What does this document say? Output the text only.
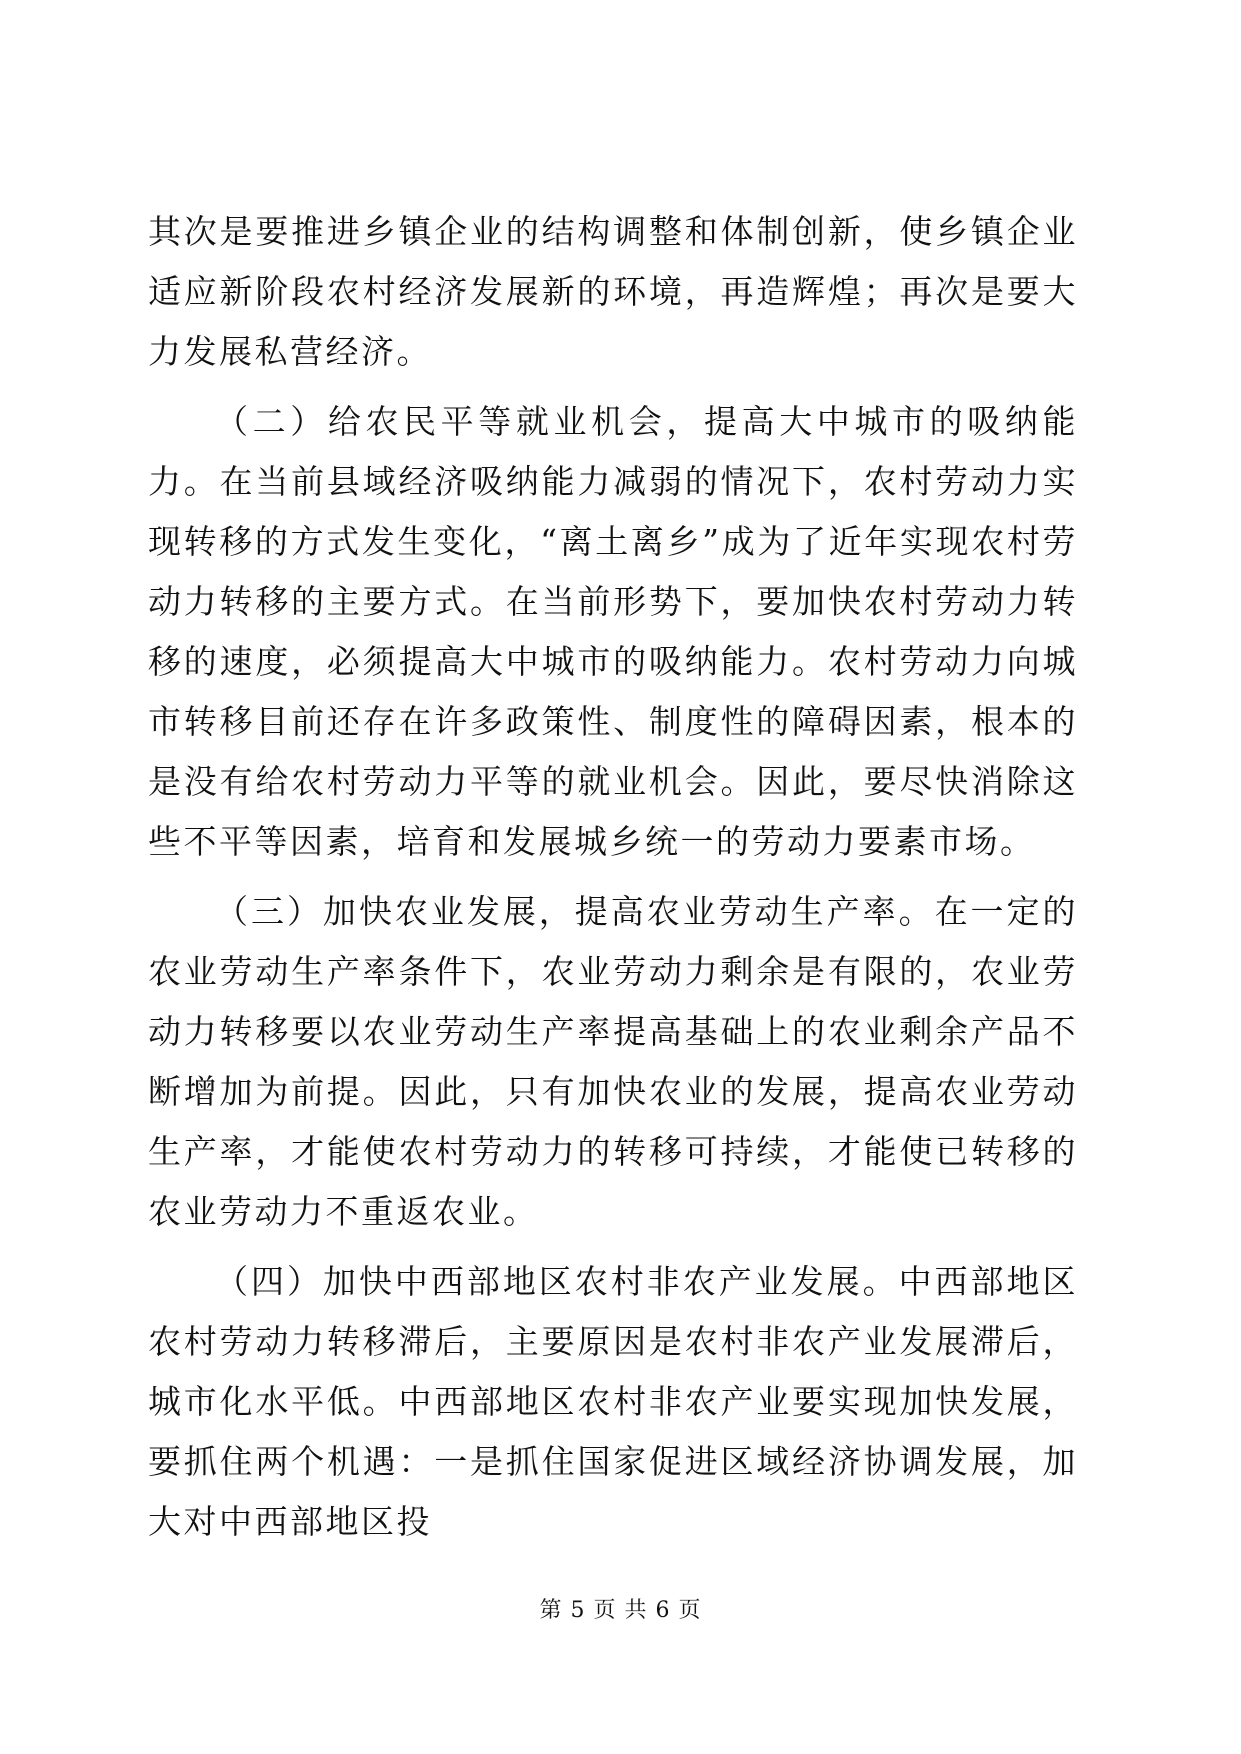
其次是要推进乡镇企业的结构调整和体制创新，使乡镇企业适应新阶段农村经济发展新的环境，再造辉煌；再次是要大力发展私营经济。

（二）给农民平等就业机会，提高大中城市的吸纳能力。在当前县域经济吸纳能力减弱的情况下，农村劳动力实现转移的方式发生变化，“离土离乡”成为了近年实现农村劳动力转移的主要方式。在当前形势下，要加快农村劳动力转移的速度，必须提高大中城市的吸纳能力。农村劳动力向城市转移目前还存在许多政策性、制度性的障碍因素，根本的是没有给农村劳动力平等的就业机会。因此，要尽快消除这些不平等因素，培育和发展城乡统一的劳动力要素市场。

（三）加快农业发展，提高农业劳动生产率。在一定的农业劳动生产率条件下，农业劳动力剩余是有限的，农业劳动力转移要以农业劳动生产率提高基础上的农业剩余产品不断增加为前提。因此，只有加快农业的发展，提高农业劳动生产率，才能使农村劳动力的转移可持续，才能使已转移的农业劳动力不重返农业。

（四）加快中西部地区农村非农产业发展。中西部地区农村劳动力转移滞后，主要原因是农村非农产业发展滞后，城市化水平低。中西部地区农村非农产业要实现加快发展，要抓住两个机遇：一是抓住国家促进区域经济协调发展，加大对中西部地区投

第 5 页 共 6 页
